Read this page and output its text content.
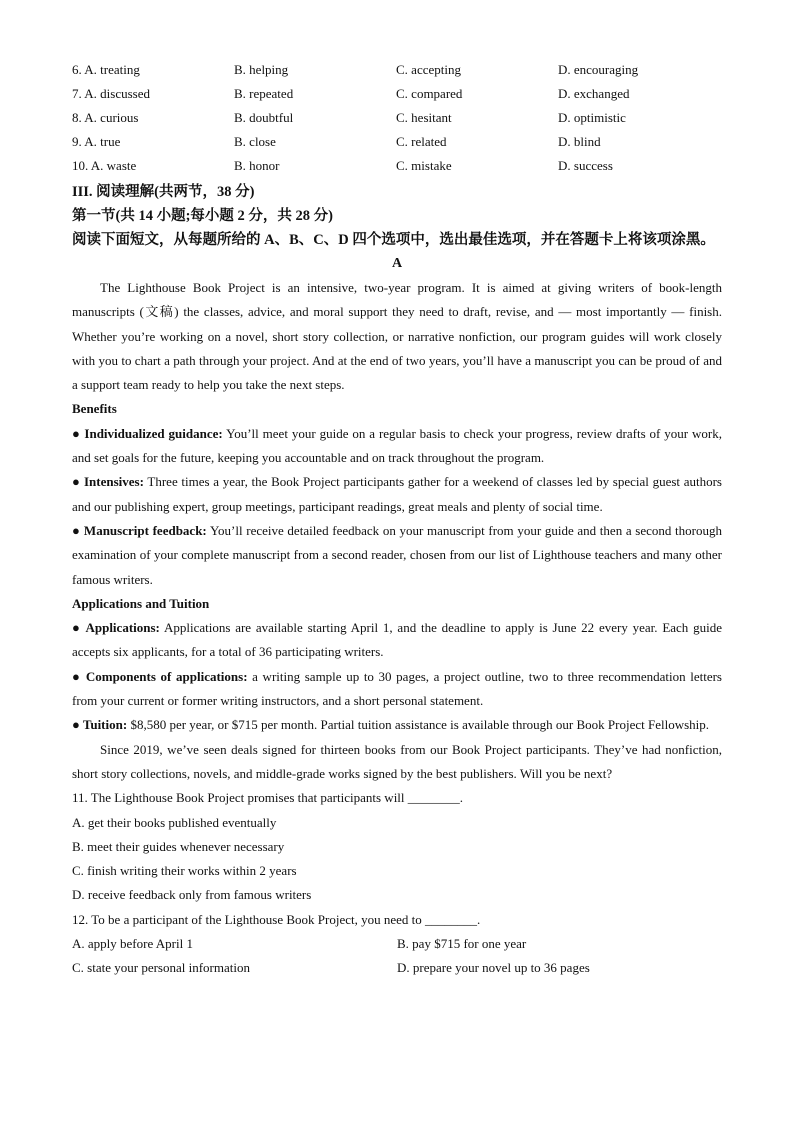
6. A. treating	B. helping	C. accepting	D. encouraging
7. A. discussed	B. repeated	C. compared	D. exchanged
8. A. curious	B. doubtful	C. hesitant	D. optimistic
9. A. true	B. close	C. related	D. blind
10. A. waste	B. honor	C. mistake	D. success
III. 阅读理解(共两节，38 分)
第一节(共 14 小题;每小题 2 分，共 28 分)
阅读下面短文，从每题所给的 A、B、C、D 四个选项中，选出最佳选项，并在答题卡上将该项涂黑。
A

The Lighthouse Book Project is an intensive, two-year program. It is aimed at giving writers of book-length manuscripts (文稿) the classes, advice, and moral support they need to draft, revise, and — most importantly — finish. Whether you’re working on a novel, short story collection, or narrative nonfiction, our program guides will work closely with you to chart a path through your project. And at the end of two years, you’ll have a manuscript you can be proud of and a support team ready to help you take the next steps.

Benefits

● Individualized guidance: You’ll meet your guide on a regular basis to check your progress, review drafts of your work, and set goals for the future, keeping you accountable and on track throughout the program.

● Intensives: Three times a year, the Book Project participants gather for a weekend of classes led by special guest authors and our publishing expert, group meetings, participant readings, great meals and plenty of social time.

● Manuscript feedback: You’ll receive detailed feedback on your manuscript from your guide and then a second thorough examination of your complete manuscript from a second reader, chosen from our list of Lighthouse teachers and many other famous writers.

Applications and Tuition

● Applications: Applications are available starting April 1, and the deadline to apply is June 22 every year. Each guide accepts six applicants, for a total of 36 participating writers.

● Components of applications: a writing sample up to 30 pages, a project outline, two to three recommendation letters from your current or former writing instructors, and a short personal statement.

● Tuition: $8,580 per year, or $715 per month. Partial tuition assistance is available through our Book Project Fellowship.

Since 2019, we’ve seen deals signed for thirteen books from our Book Project participants. They’ve had nonfiction, short story collections, novels, and middle-grade works signed by the best publishers. Will you be next?

11. The Lighthouse Book Project promises that participants will ________.
A. get their books published eventually
B. meet their guides whenever necessary
C. finish writing their works within 2 years
D. receive feedback only from famous writers
12. To be a participant of the Lighthouse Book Project, you need to ________.
A. apply before April 1	B. pay $715 for one year
C. state your personal information	D. prepare your novel up to 36 pages
